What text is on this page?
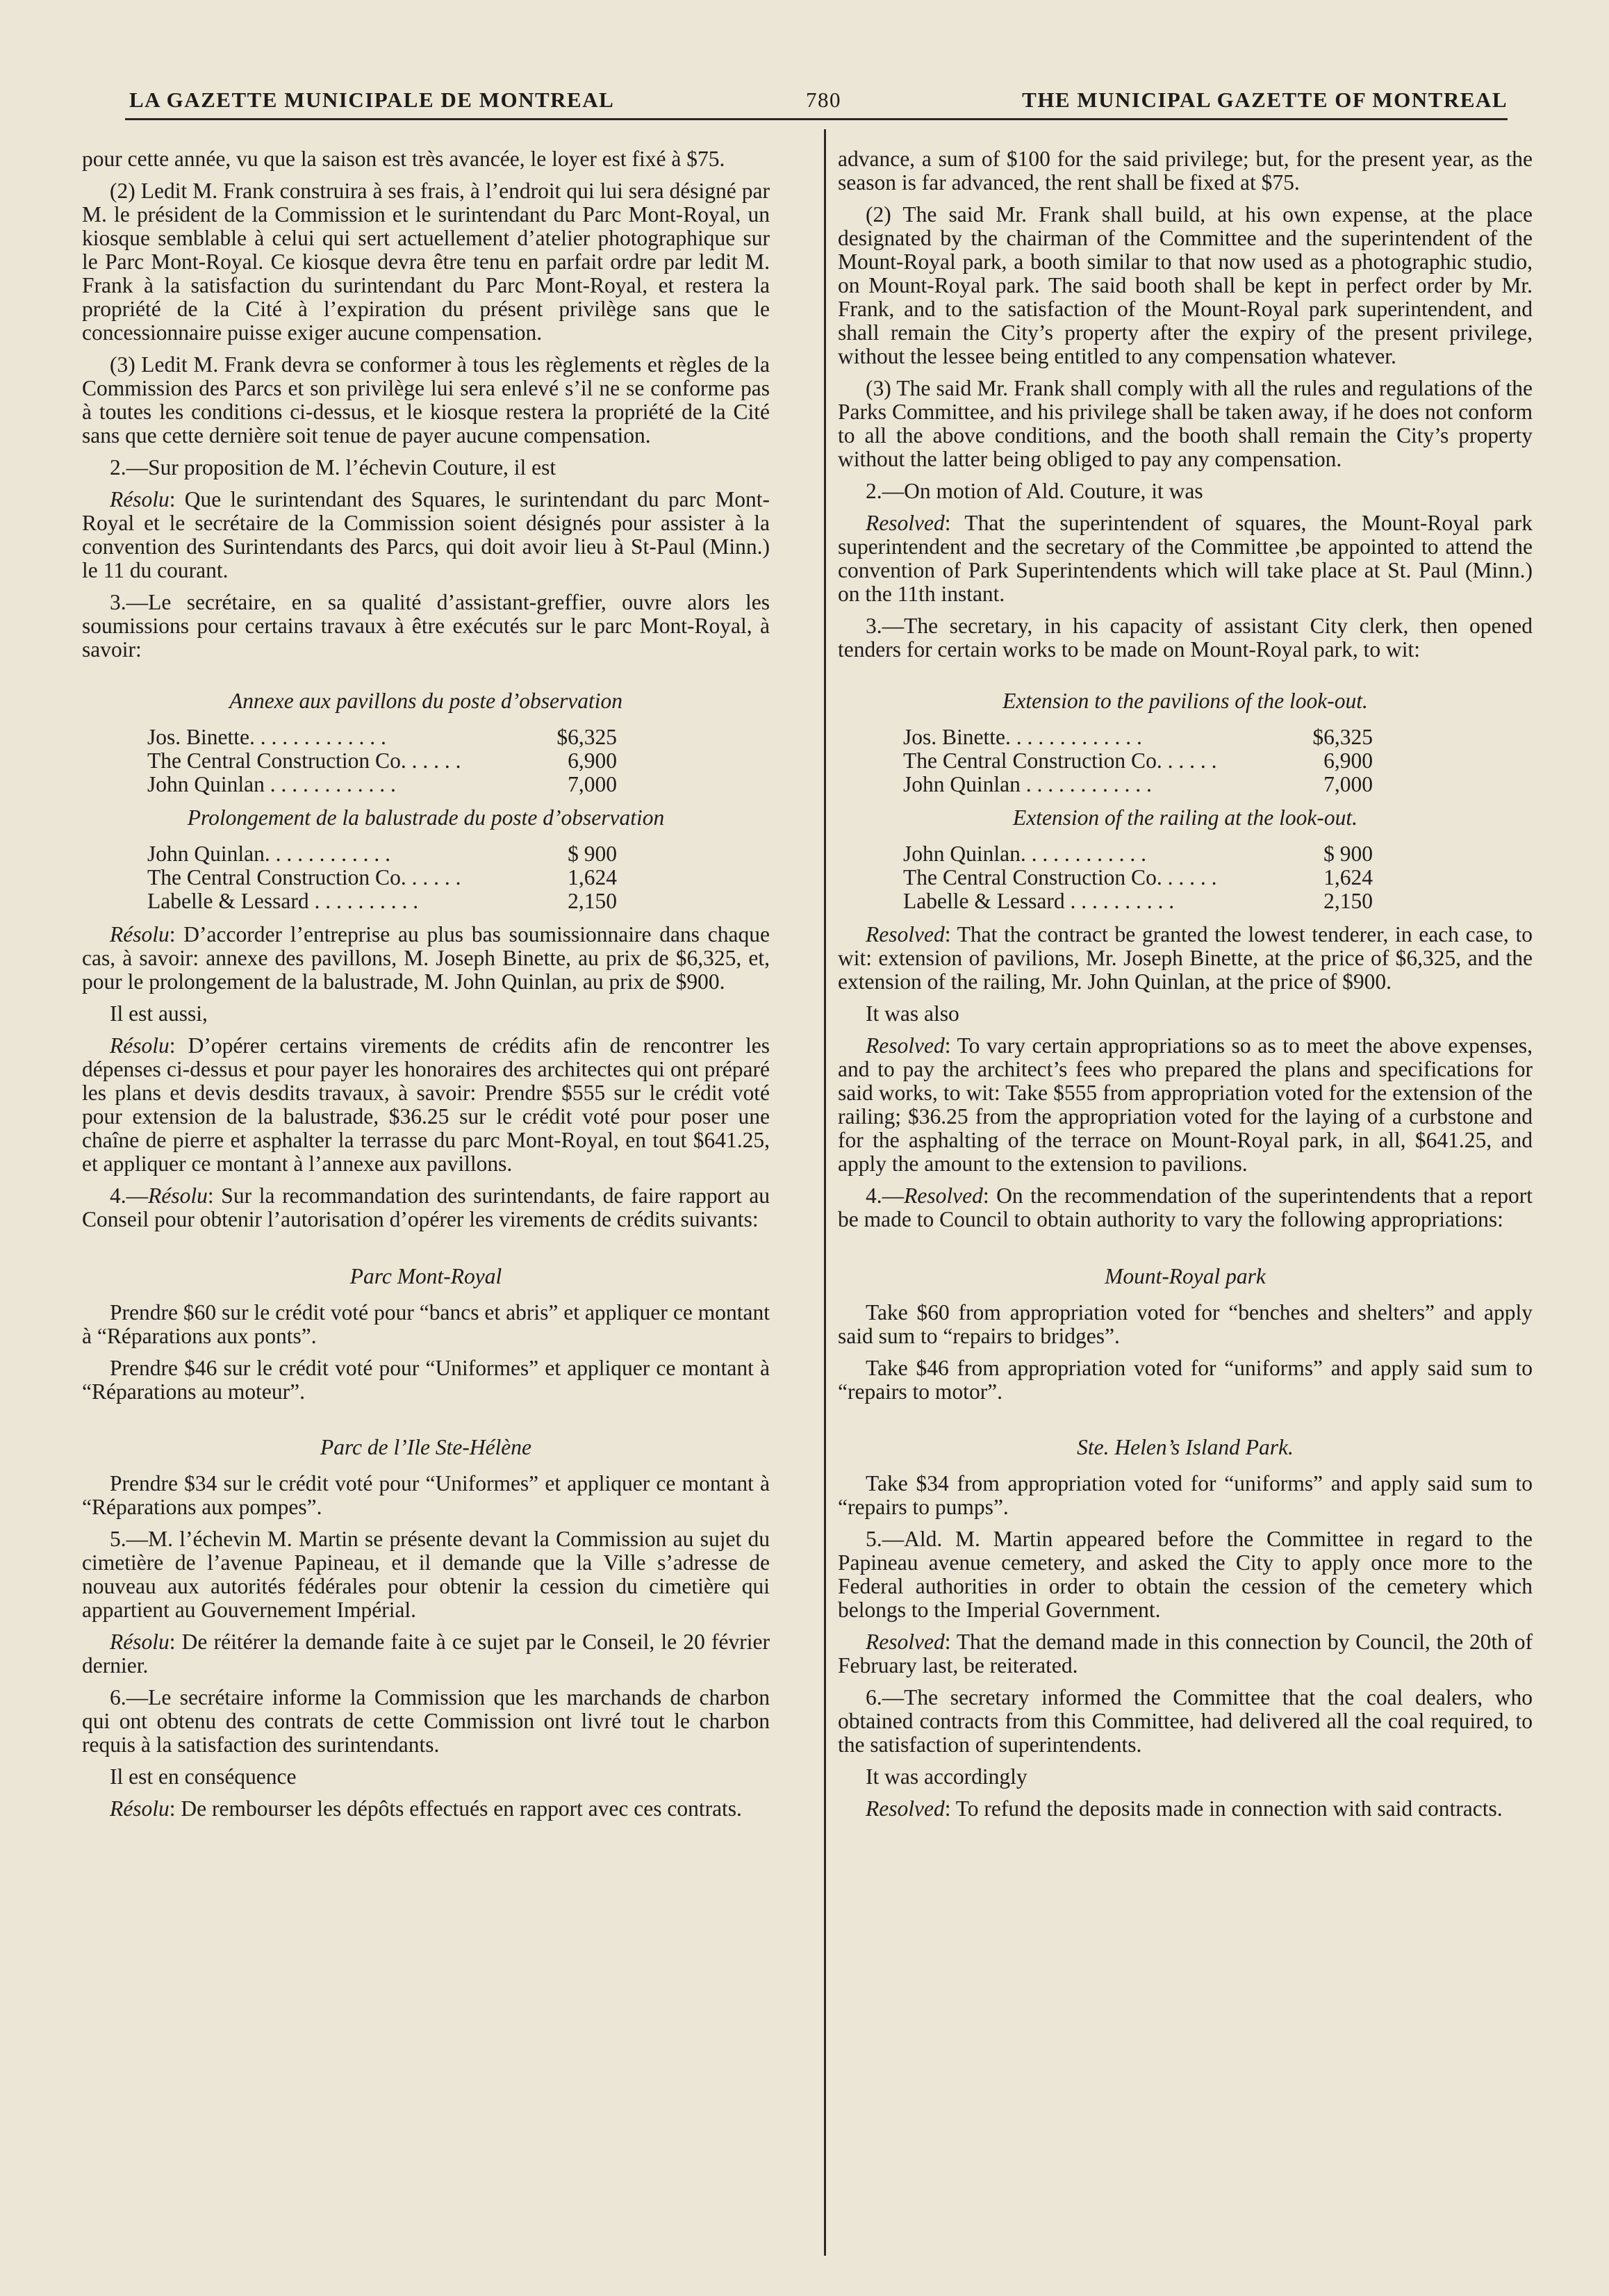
LA GAZETTE MUNICIPALE DE MONTREAL	780	THE MUNICIPAL GAZETTE OF MONTREAL

pour cette année, vu que la saison est très avancée, le loyer est fixé à $75.

(2) Ledit M. Frank construira à ses frais, à l’endroit qui lui sera désigné par M. le président de la Commission et le surintendant du Parc Mont-Royal, un kiosque semblable à celui qui sert actuellement d’atelier photographique sur le Parc Mont-Royal. Ce kiosque devra être tenu en parfait ordre par ledit M. Frank à la satisfaction du surintendant du Parc Mont-Royal, et restera la propriété de la Cité à l’expiration du présent privilège sans que le concessionnaire puisse exiger aucune compensation.

(3) Ledit M. Frank devra se conformer à tous les règlements et règles de la Commission des Parcs et son privilège lui sera enlevé s’il ne se conforme pas à toutes les conditions ci-dessus, et le kiosque restera la propriété de la Cité sans que cette dernière soit tenue de payer aucune compensation.

2.—Sur proposition de M. l’échevin Couture, il est

Résolu: Que le surintendant des Squares, le surintendant du parc Mont-Royal et le secrétaire de la Commission soient désignés pour assister à la convention des Surintendants des Parcs, qui doit avoir lieu à St-Paul (Minn.) le 11 du courant.

3.—Le secrétaire, en sa qualité d’assistant-greffier, ouvre alors les soumissions pour certains travaux à être exécutés sur le parc Mont-Royal, à savoir:

Annexe aux pavillons du poste d’observation
Jos. Binette. . . . . . . . . . . . .	$6,325
The Central Construction Co. . . . . .	6,900
John Quinlan . . . . . . . . . . . .	7,000
Prolongement de la balustrade du poste d’observation
John Quinlan. . . . . . . . . . . .	$ 900
The Central Construction Co. . . . . .	1,624
Labelle & Lessard . . . . . . . . . .	2,150

Résolu: D’accorder l’entreprise au plus bas soumissionnaire dans chaque cas, à savoir: annexe des pavillons, M. Joseph Binette, au prix de $6,325, et, pour le prolongement de la balustrade, M. John Quinlan, au prix de $900.

Il est aussi,

Résolu: D’opérer certains virements de crédits afin de rencontrer les dépenses ci-dessus et pour payer les honoraires des architectes qui ont préparé les plans et devis desdits travaux, à savoir: Prendre $555 sur le crédit voté pour extension de la balustrade, $36.25 sur le crédit voté pour poser une chaîne de pierre et asphalter la terrasse du parc Mont-Royal, en tout $641.25, et appliquer ce montant à l’annexe aux pavillons.

4.—Résolu: Sur la recommandation des surintendants, de faire rapport au Conseil pour obtenir l’autorisation d’opérer les virements de crédits suivants:

Parc Mont-Royal

Prendre $60 sur le crédit voté pour “bancs et abris” et appliquer ce montant à “Réparations aux ponts”.

Prendre $46 sur le crédit voté pour “Uniformes” et appliquer ce montant à “Réparations au moteur”.

Parc de l’Ile Ste-Hélène

Prendre $34 sur le crédit voté pour “Uniformes” et appliquer ce montant à “Réparations aux pompes”.

5.—M. l’échevin M. Martin se présente devant la Commission au sujet du cimetière de l’avenue Papineau, et il demande que la Ville s’adresse de nouveau aux autorités fédérales pour obtenir la cession du cimetière qui appartient au Gouvernement Impérial.

Résolu: De réitérer la demande faite à ce sujet par le Conseil, le 20 février dernier.

6.—Le secrétaire informe la Commission que les marchands de charbon qui ont obtenu des contrats de cette Commission ont livré tout le charbon requis à la satisfaction des surintendants.

Il est en conséquence

Résolu: De rembourser les dépôts effectués en rapport avec ces contrats.

advance, a sum of $100 for the said privilege; but, for the present year, as the season is far advanced, the rent shall be fixed at $75.

(2) The said Mr. Frank shall build, at his own expense, at the place designated by the chairman of the Committee and the superintendent of the Mount-Royal park, a booth similar to that now used as a photographic studio, on Mount-Royal park. The said booth shall be kept in perfect order by Mr. Frank, and to the satisfaction of the Mount-Royal park superintendent, and shall remain the City’s property after the expiry of the present privilege, without the lessee being entitled to any compensation whatever.

(3) The said Mr. Frank shall comply with all the rules and regulations of the Parks Committee, and his privilege shall be taken away, if he does not conform to all the above conditions, and the booth shall remain the City’s property without the latter being obliged to pay any compensation.

2.—On motion of Ald. Couture, it was

Resolved: That the superintendent of squares, the Mount-Royal park superintendent and the secretary of the Committee ,be appointed to attend the convention of Park Superintendents which will take place at St. Paul (Minn.) on the 11th instant.

3.—The secretary, in his capacity of assistant City clerk, then opened tenders for certain works to be made on Mount-Royal park, to wit:

Extension to the pavilions of the look-out.
Jos. Binette. . . . . . . . . . . . .	$6,325
The Central Construction Co. . . . . .	6,900
John Quinlan . . . . . . . . . . . .	7,000
Extension of the railing at the look-out.
John Quinlan. . . . . . . . . . . .	$ 900
The Central Construction Co. . . . . .	1,624
Labelle & Lessard . . . . . . . . . .	2,150

Resolved: That the contract be granted the lowest tenderer, in each case, to wit: extension of pavilions, Mr. Joseph Binette, at the price of $6,325, and the extension of the railing, Mr. John Quinlan, at the price of $900.

It was also

Resolved: To vary certain appropriations so as to meet the above expenses, and to pay the architect’s fees who prepared the plans and specifications for said works, to wit: Take $555 from appropriation voted for the extension of the railing; $36.25 from the appropriation voted for the laying of a curbstone and for the asphalting of the terrace on Mount-Royal park, in all, $641.25, and apply the amount to the extension to pavilions.

4.—Resolved: On the recommendation of the superintendents that a report be made to Council to obtain authority to vary the following appropriations:

Mount-Royal park

Take $60 from appropriation voted for “benches and shelters” and apply said sum to “repairs to bridges”.

Take $46 from appropriation voted for “uniforms” and apply said sum to “repairs to motor”.

Ste. Helen’s Island Park.

Take $34 from appropriation voted for “uniforms” and apply said sum to “repairs to pumps”.

5.—Ald. M. Martin appeared before the Committee in regard to the Papineau avenue cemetery, and asked the City to apply once more to the Federal authorities in order to obtain the cession of the cemetery which belongs to the Imperial Government.

Resolved: That the demand made in this connection by Council, the 20th of February last, be reiterated.

6.—The secretary informed the Committee that the coal dealers, who obtained contracts from this Committee, had delivered all the coal required, to the satisfaction of superintendents.

It was accordingly

Resolved: To refund the deposits made in connection with said contracts.
